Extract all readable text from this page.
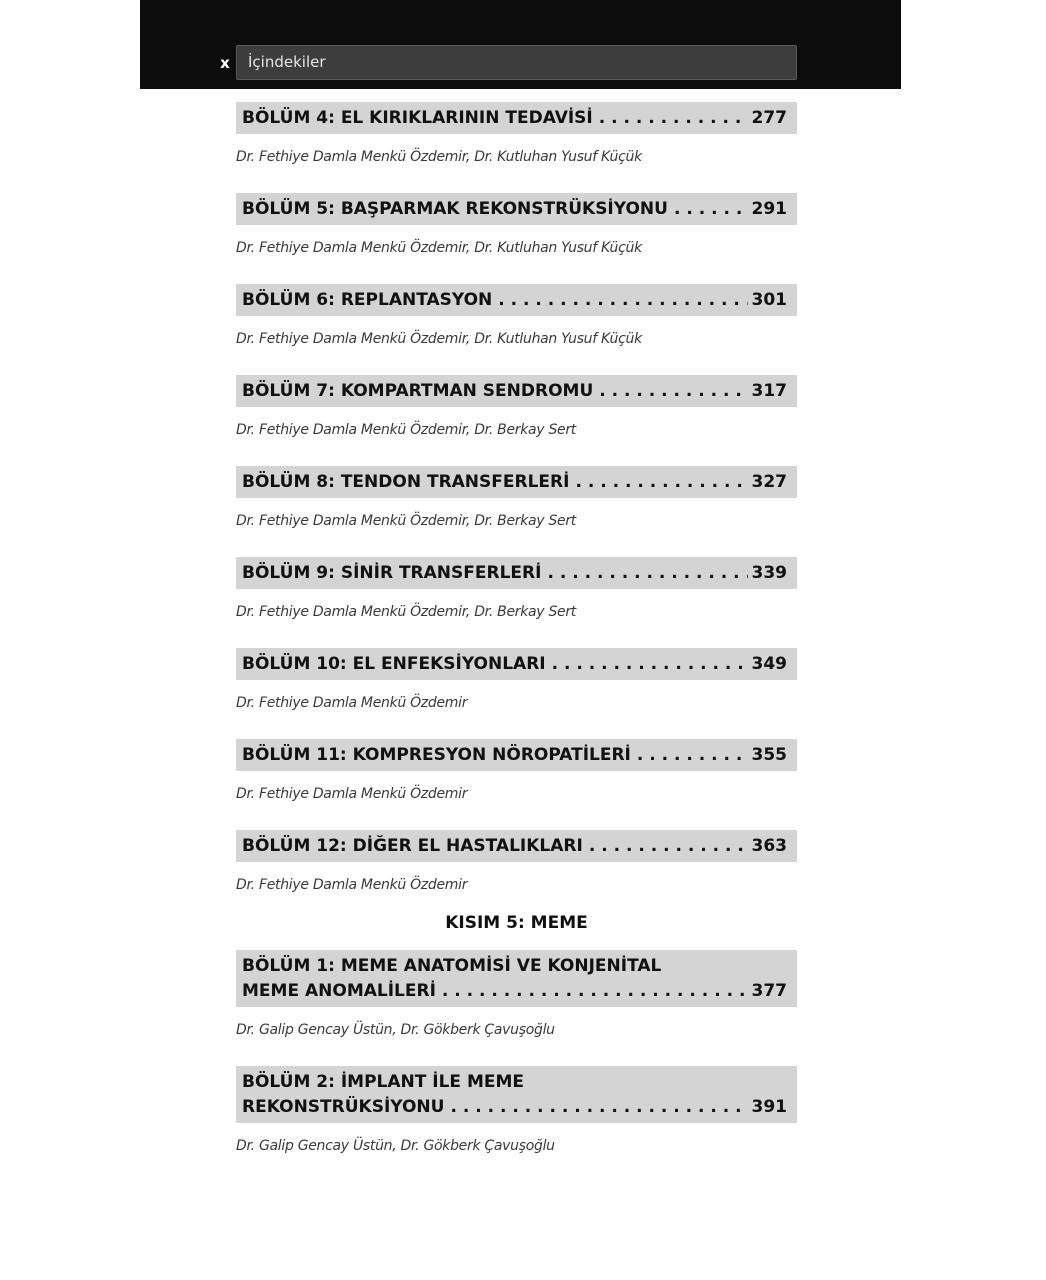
x İçindekiler
BÖLÜM 4: EL KIRIKLARININ TEDAVİSİ . . .	277
Dr. Fethiye Damla Menkü Özdemir, Dr. Kutluhan Yusuf Küçük
BÖLÜM 5: BAŞPARMAK REKONSTRÜKSİYONU . . .	291
Dr. Fethiye Damla Menkü Özdemir, Dr. Kutluhan Yusuf Küçük
BÖLÜM 6: REPLANTASYON . . .	301
Dr. Fethiye Damla Menkü Özdemir, Dr. Kutluhan Yusuf Küçük
BÖLÜM 7: KOMPARTMAN SENDROMU . . .	317
Dr. Fethiye Damla Menkü Özdemir, Dr. Berkay Sert
BÖLÜM 8: TENDON TRANSFERLERİ . . .	327
Dr. Fethiye Damla Menkü Özdemir, Dr. Berkay Sert
BÖLÜM 9: SİNİR TRANSFERLERİ . . .	339
Dr. Fethiye Damla Menkü Özdemir, Dr. Berkay Sert
BÖLÜM 10: EL ENFEKSİYONLARI . . .	349
Dr. Fethiye Damla Menkü Özdemir
BÖLÜM 11: KOMPRESYON NÖROPATİLERİ . . .	355
Dr. Fethiye Damla Menkü Özdemir
BÖLÜM 12: DİĞER EL HASTALIKLARI . . .	363
Dr. Fethiye Damla Menkü Özdemir
KISIM 5: MEME
BÖLÜM 1: MEME ANATOMİSİ VE KONJENİTAL
MEME ANOMALİLERİ . . .	377
Dr. Galip Gencay Üstün, Dr. Gökberk Çavuşoğlu
BÖLÜM 2: İMPLANT İLE MEME
REKONSTRÜKSİYONU . . .	391
Dr. Galip Gencay Üstün, Dr. Gökberk Çavuşoğlu
